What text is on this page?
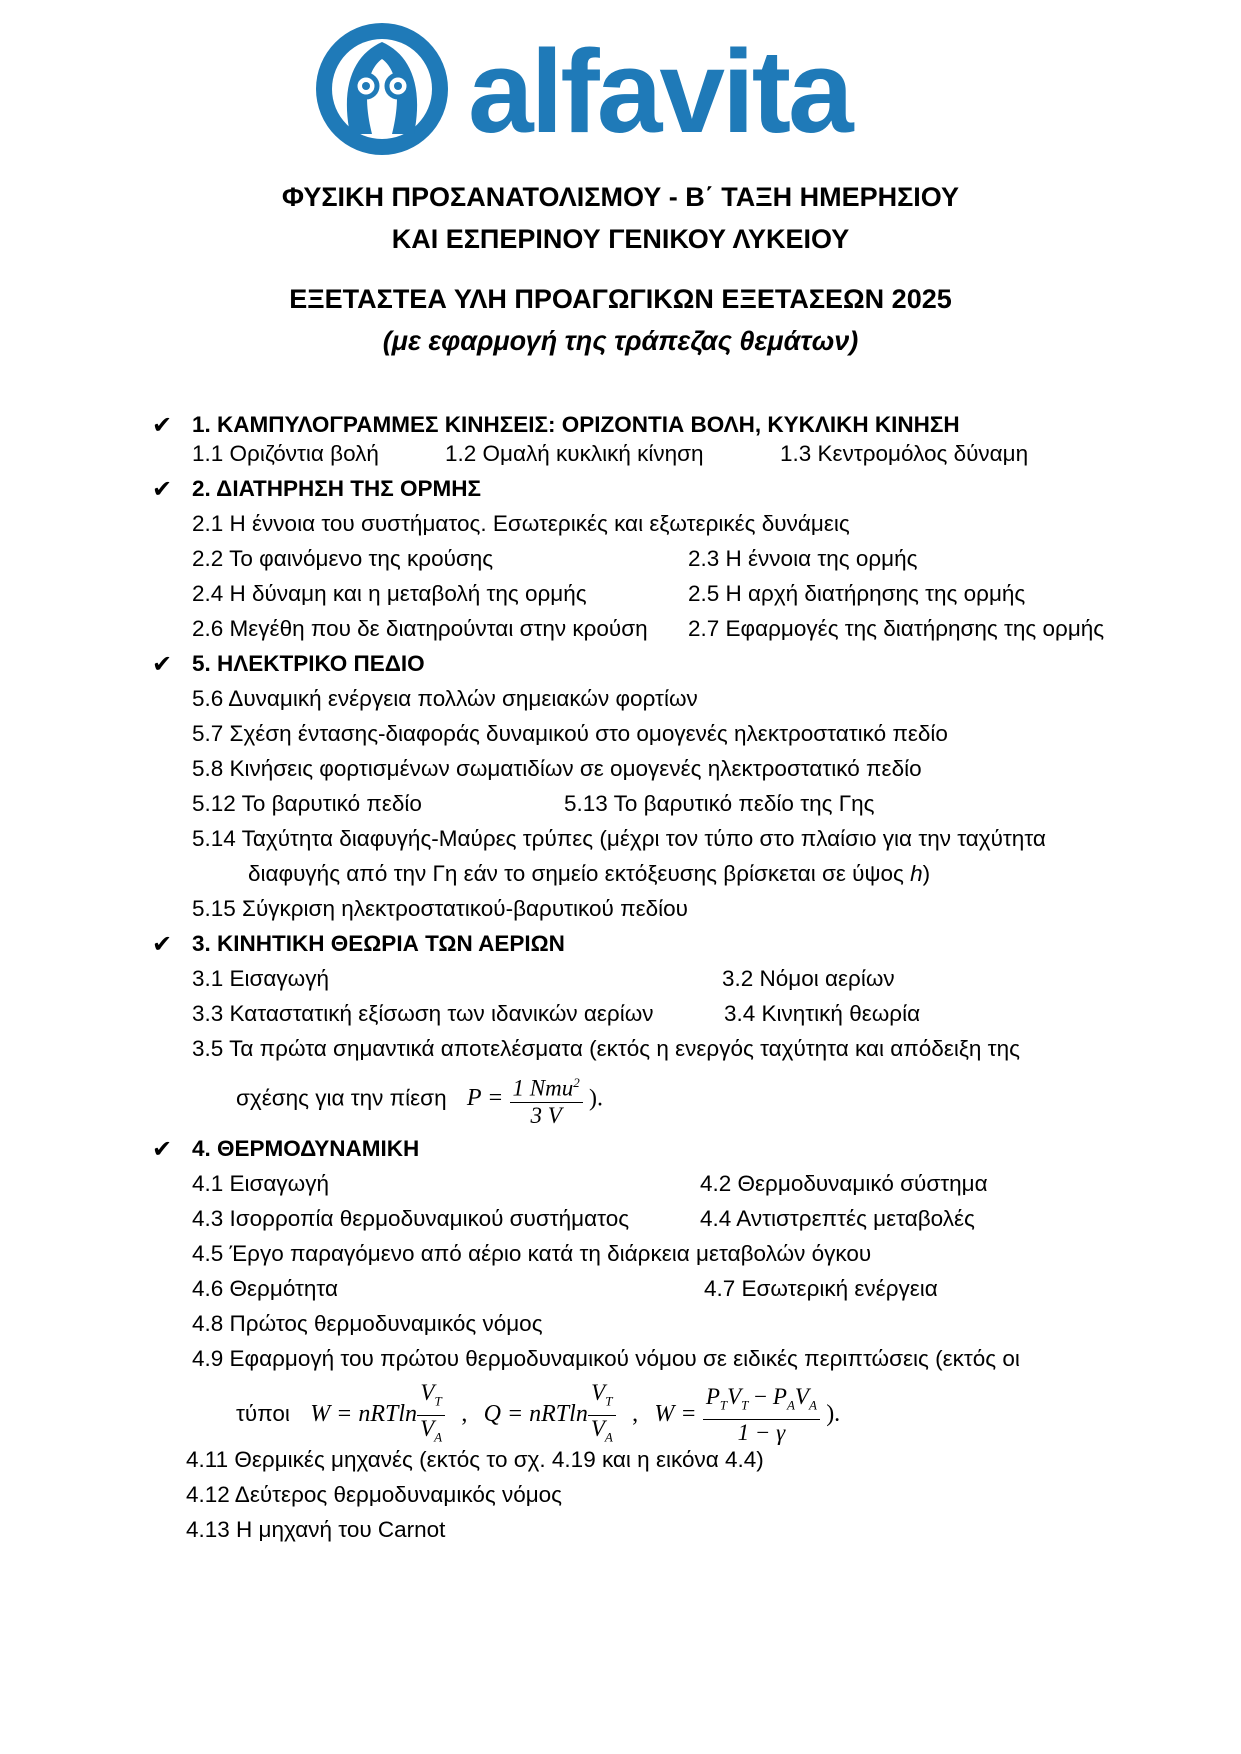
alfavita
ΦΥΣΙΚΗ ΠΡΟΣΑΝΑΤΟΛΙΣΜΟΥ - Β΄ ΤΑΞΗ ΗΜΕΡΗΣΙΟΥ
ΚΑΙ ΕΣΠΕΡΙΝΟΥ ΓΕΝΙΚΟΥ ΛΥΚΕΙΟΥ
ΕΞΕΤΑΣΤΕΑ ΥΛΗ ΠΡΟΑΓΩΓΙΚΩΝ ΕΞΕΤΑΣΕΩΝ 2025
(με εφαρμογή της τράπεζας θεμάτων)
✔ 1. ΚΑΜΠΥΛΟΓΡΑΜΜΕΣ ΚΙΝΗΣΕΙΣ: ΟΡΙΖΟΝΤΙΑ ΒΟΛΗ, ΚΥΚΛΙΚΗ ΚΙΝΗΣΗ
1.1 Οριζόντια βολή	1.2 Ομαλή κυκλική κίνηση	1.3 Κεντρομόλος δύναμη
✔ 2. ΔΙΑΤΗΡΗΣΗ ΤΗΣ ΟΡΜΗΣ
2.1 Η έννοια του συστήματος. Εσωτερικές και εξωτερικές δυνάμεις
2.2 Το φαινόμενο της κρούσης	2.3 Η έννοια της ορμής
2.4 Η δύναμη και η μεταβολή της ορμής	2.5 Η αρχή διατήρησης της ορμής
2.6 Μεγέθη που δε διατηρούνται στην κρούση 2.7 Εφαρμογές της διατήρησης της ορμής
✔ 5. ΗΛΕΚΤΡΙΚΟ ΠΕΔΙΟ
5.6 Δυναμική ενέργεια πολλών σημειακών φορτίων
5.7 Σχέση έντασης-διαφοράς δυναμικού στο ομογενές ηλεκτροστατικό πεδίο
5.8 Κινήσεις φορτισμένων σωματιδίων σε ομογενές ηλεκτροστατικό πεδίο
5.12 Το βαρυτικό πεδίο	5.13 Το βαρυτικό πεδίο της Γης
5.14 Ταχύτητα διαφυγής-Μαύρες τρύπες (μέχρι τον τύπο στο πλαίσιο για την ταχύτητα
διαφυγής από την Γη εάν το σημείο εκτόξευσης βρίσκεται σε ύψος h)
5.15 Σύγκριση ηλεκτροστατικού-βαρυτικού πεδίου
✔ 3. ΚΙΝΗΤΙΚΗ ΘΕΩΡΙΑ ΤΩΝ ΑΕΡΙΩΝ
3.1 Εισαγωγή	3.2 Νόμοι αερίων
3.3 Καταστατική εξίσωση των ιδανικών αερίων	3.4 Κινητική θεωρία
3.5 Τα πρώτα σημαντικά αποτελέσματα (εκτός η ενεργός ταχύτητα και απόδειξη της
σχέσης για την πίεση $P = \frac{1 Nmu^2}{3 V}$ ).
✔ 4. ΘΕΡΜΟΔΥΝΑΜΙΚΗ
4.1 Εισαγωγή	4.2 Θερμοδυναμικό σύστημα
4.3 Ισορροπία θερμοδυναμικού συστήματος	4.4 Αντιστρεπτές μεταβολές
4.5 Έργο παραγόμενο από αέριο κατά τη διάρκεια μεταβολών όγκου
4.6 Θερμότητα	4.7 Εσωτερική ενέργεια
4.8 Πρώτος θερμοδυναμικός νόμος
4.9 Εφαρμογή του πρώτου θερμοδυναμικού νόμου σε ειδικές περιπτώσεις (εκτός οι
τύποι W = nRTln $\frac{V_T}{V_A}$ , Q = nRTln $\frac{V_T}{V_A}$ , $W = \frac{P_TV_T - P_AV_A}{1 - \gamma}$ ).
4.11 Θερμικές μηχανές (εκτός το σχ. 4.19 και η εικόνα 4.4)
4.12 Δεύτερος θερμοδυναμικός νόμος
4.13 Η μηχανή του Carnot
